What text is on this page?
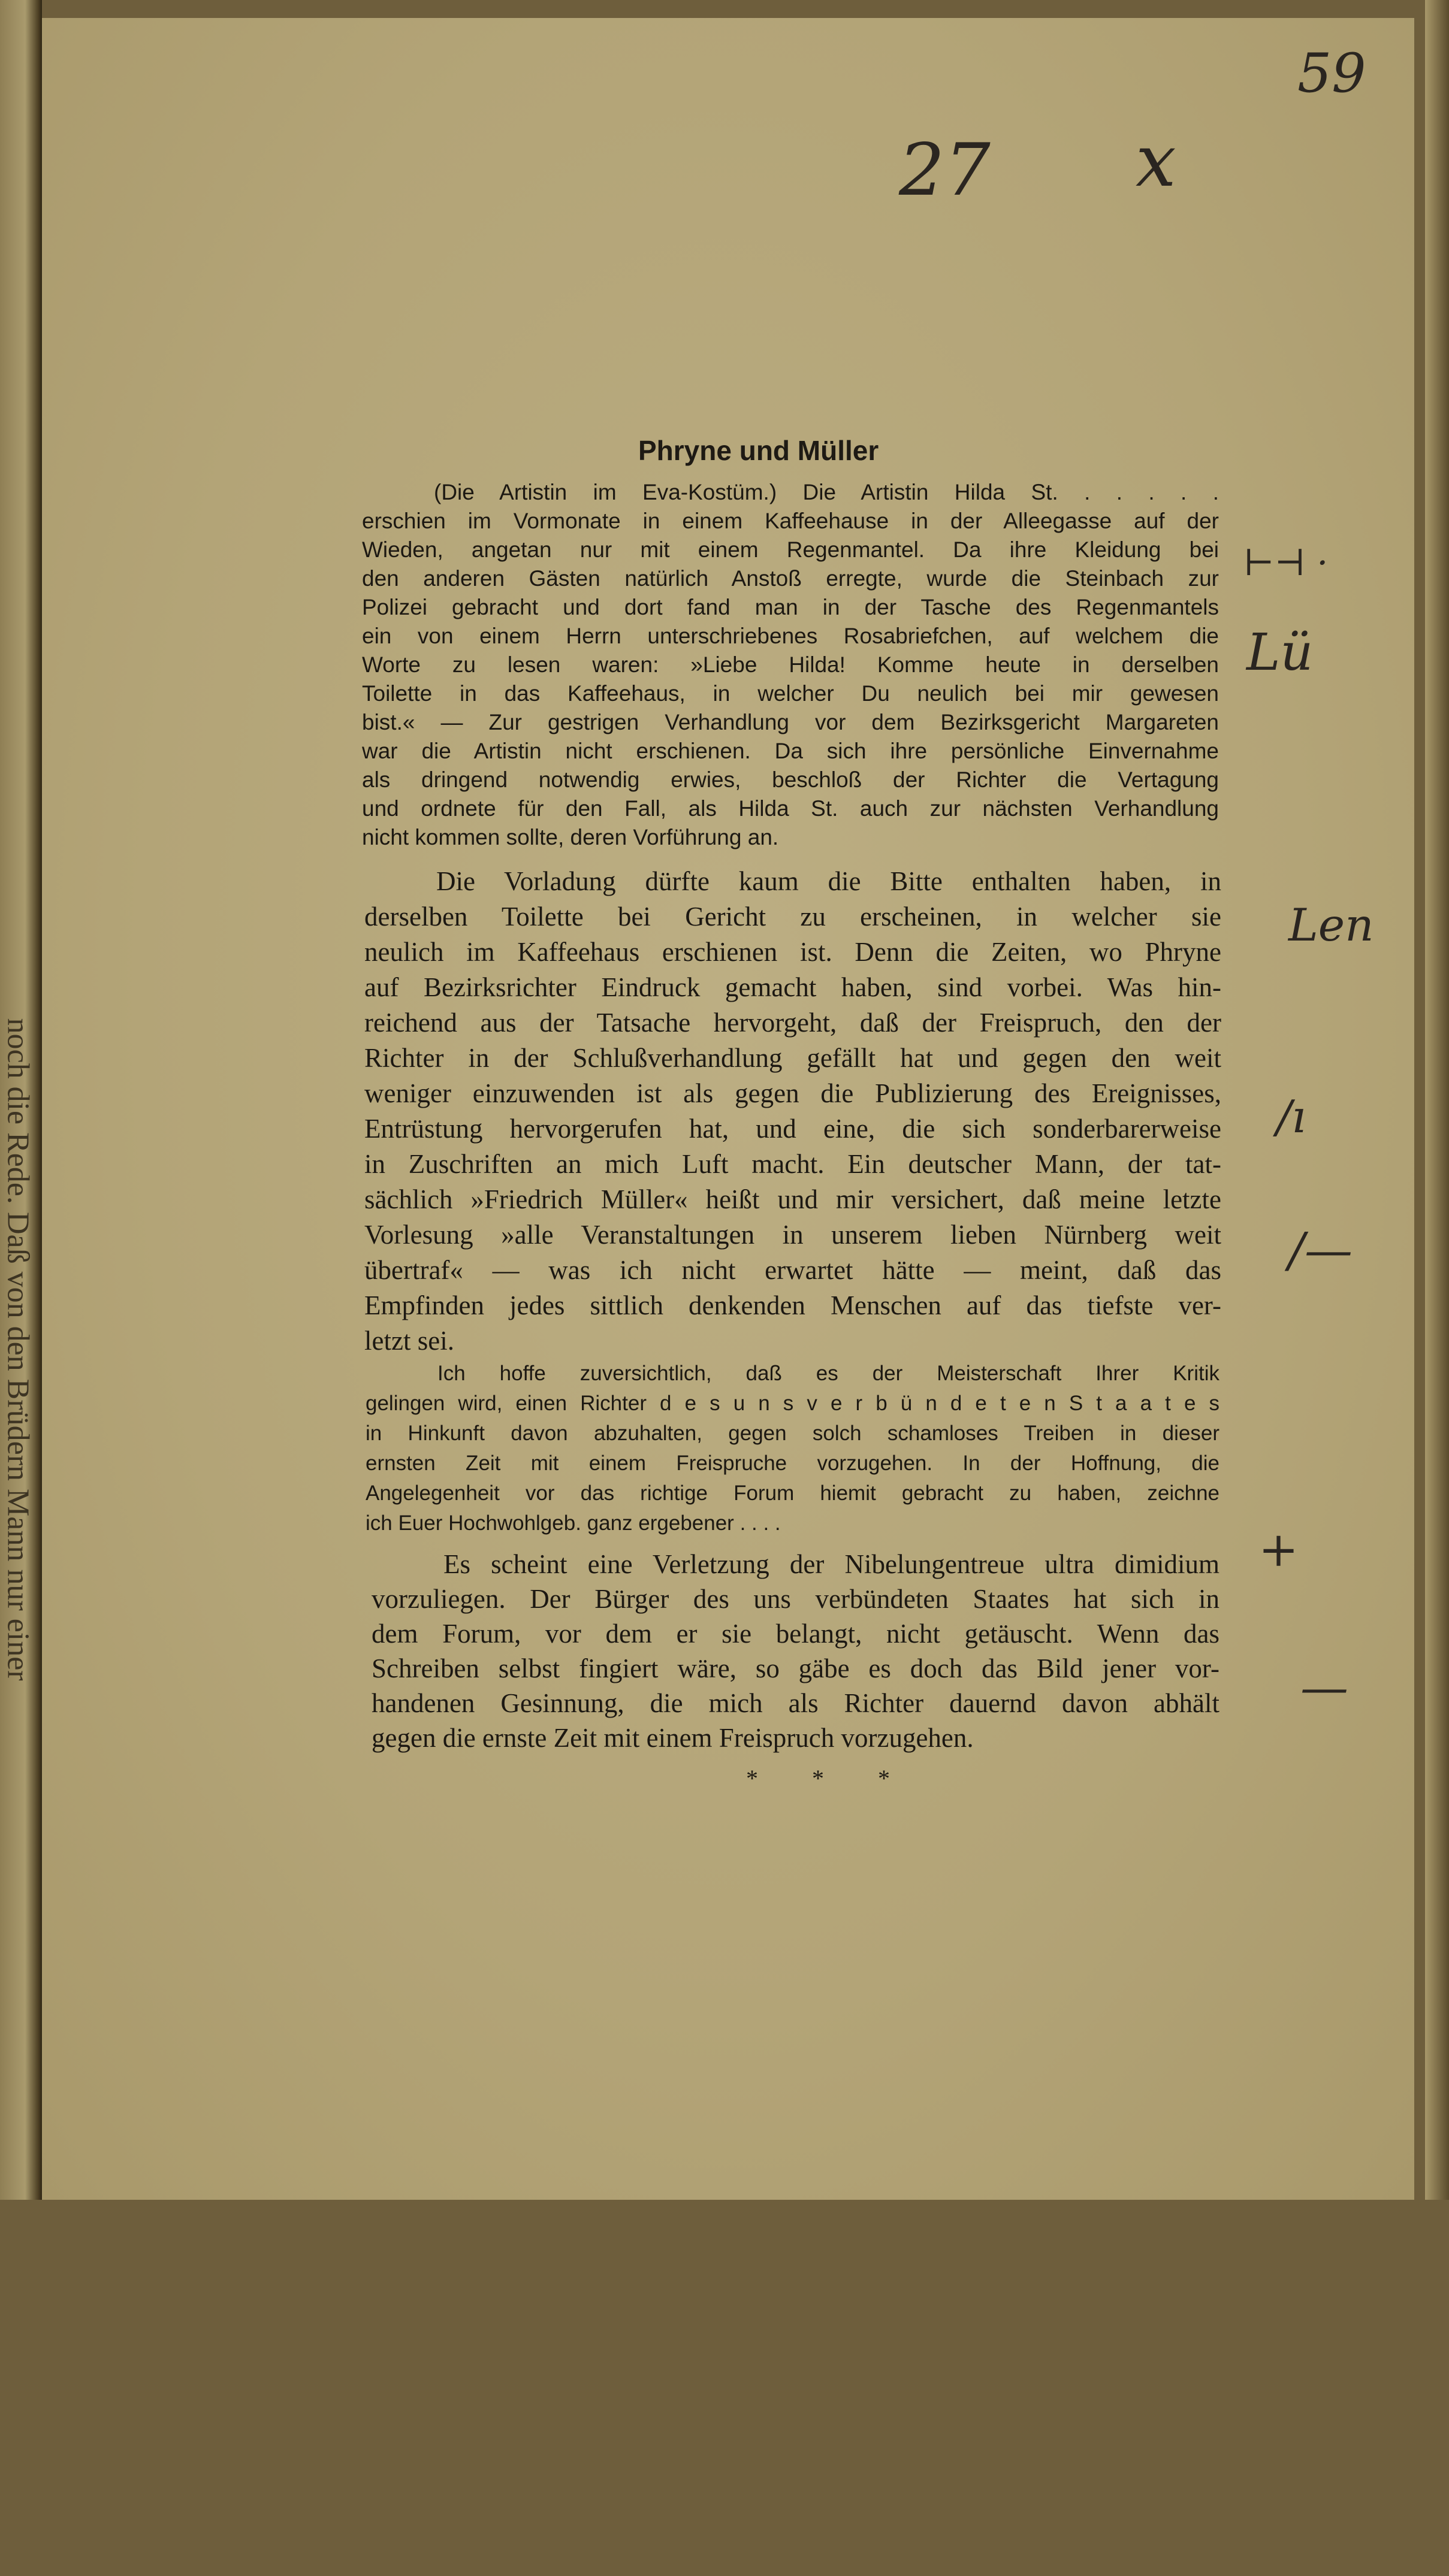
noch die Rede. Daß von den Brüdern Mann nur einer
59
27 x
⊢⊣ ·
Lü
Len
/ı
/—
+
—
Phryne und Müller
(Die Artistin im Eva-Kostüm.) Die Artistin Hilda St. . . . . .
erschien im Vormonate in einem Kaffeehause in der Alleegasse auf der
Wieden, angetan nur mit einem Regenmantel. Da ihre Kleidung bei
den anderen Gästen natürlich Anstoß erregte, wurde die Steinbach zur
Polizei gebracht und dort fand man in der Tasche des Regenmantels
ein von einem Herrn unterschriebenes Rosabriefchen, auf welchem die
Worte zu lesen waren: »Liebe Hilda! Komme heute in derselben
Toilette in das Kaffeehaus, in welcher Du neulich bei mir gewesen
bist.« — Zur gestrigen Verhandlung vor dem Bezirksgericht Margareten
war die Artistin nicht erschienen. Da sich ihre persönliche Einvernahme
als dringend notwendig erwies, beschloß der Richter die Vertagung
und ordnete für den Fall, als Hilda St. auch zur nächsten Verhandlung
nicht kommen sollte, deren Vorführung an.
Die Vorladung dürfte kaum die Bitte enthalten haben, in
derselben Toilette bei Gericht zu erscheinen, in welcher sie
neulich im Kaffeehaus erschienen ist. Denn die Zeiten, wo Phryne
auf Bezirksrichter Eindruck gemacht haben, sind vorbei. Was hin-
reichend aus der Tatsache hervorgeht, daß der Freispruch, den der
Richter in der Schlußverhandlung gefällt hat und gegen den weit
weniger einzuwenden ist als gegen die Publizierung des Ereignisses,
Entrüstung hervorgerufen hat, und eine, die sich sonderbarerweise
in Zuschriften an mich Luft macht. Ein deutscher Mann, der tat-
sächlich »Friedrich Müller« heißt und mir versichert, daß meine letzte
Vorlesung »alle Veranstaltungen in unserem lieben Nürnberg weit
übertraf« — was ich nicht erwartet hätte — meint, daß das
Empfinden jedes sittlich denkenden Menschen auf das tiefste ver-
letzt sei.
Ich hoffe zuversichtlich, daß es der Meisterschaft Ihrer Kritik
gelingen wird, einen Richter d e s u n s v e r b ü n d e t e n S t a a t e s
in Hinkunft davon abzuhalten, gegen solch schamloses Treiben in dieser
ernsten Zeit mit einem Freispruche vorzugehen. In der Hoffnung, die
Angelegenheit vor das richtige Forum hiemit gebracht zu haben, zeichne
ich Euer Hochwohlgeb. ganz ergebener . . . .
Es scheint eine Verletzung der Nibelungentreue ultra dimidium
vorzuliegen. Der Bürger des uns verbündeten Staates hat sich in
dem Forum, vor dem er sie belangt, nicht getäuscht. Wenn das
Schreiben selbst fingiert wäre, so gäbe es doch das Bild jener vor-
handenen Gesinnung, die mich als Richter dauernd davon abhält
gegen die ernste Zeit mit einem Freispruch vorzugehen.
* * *
